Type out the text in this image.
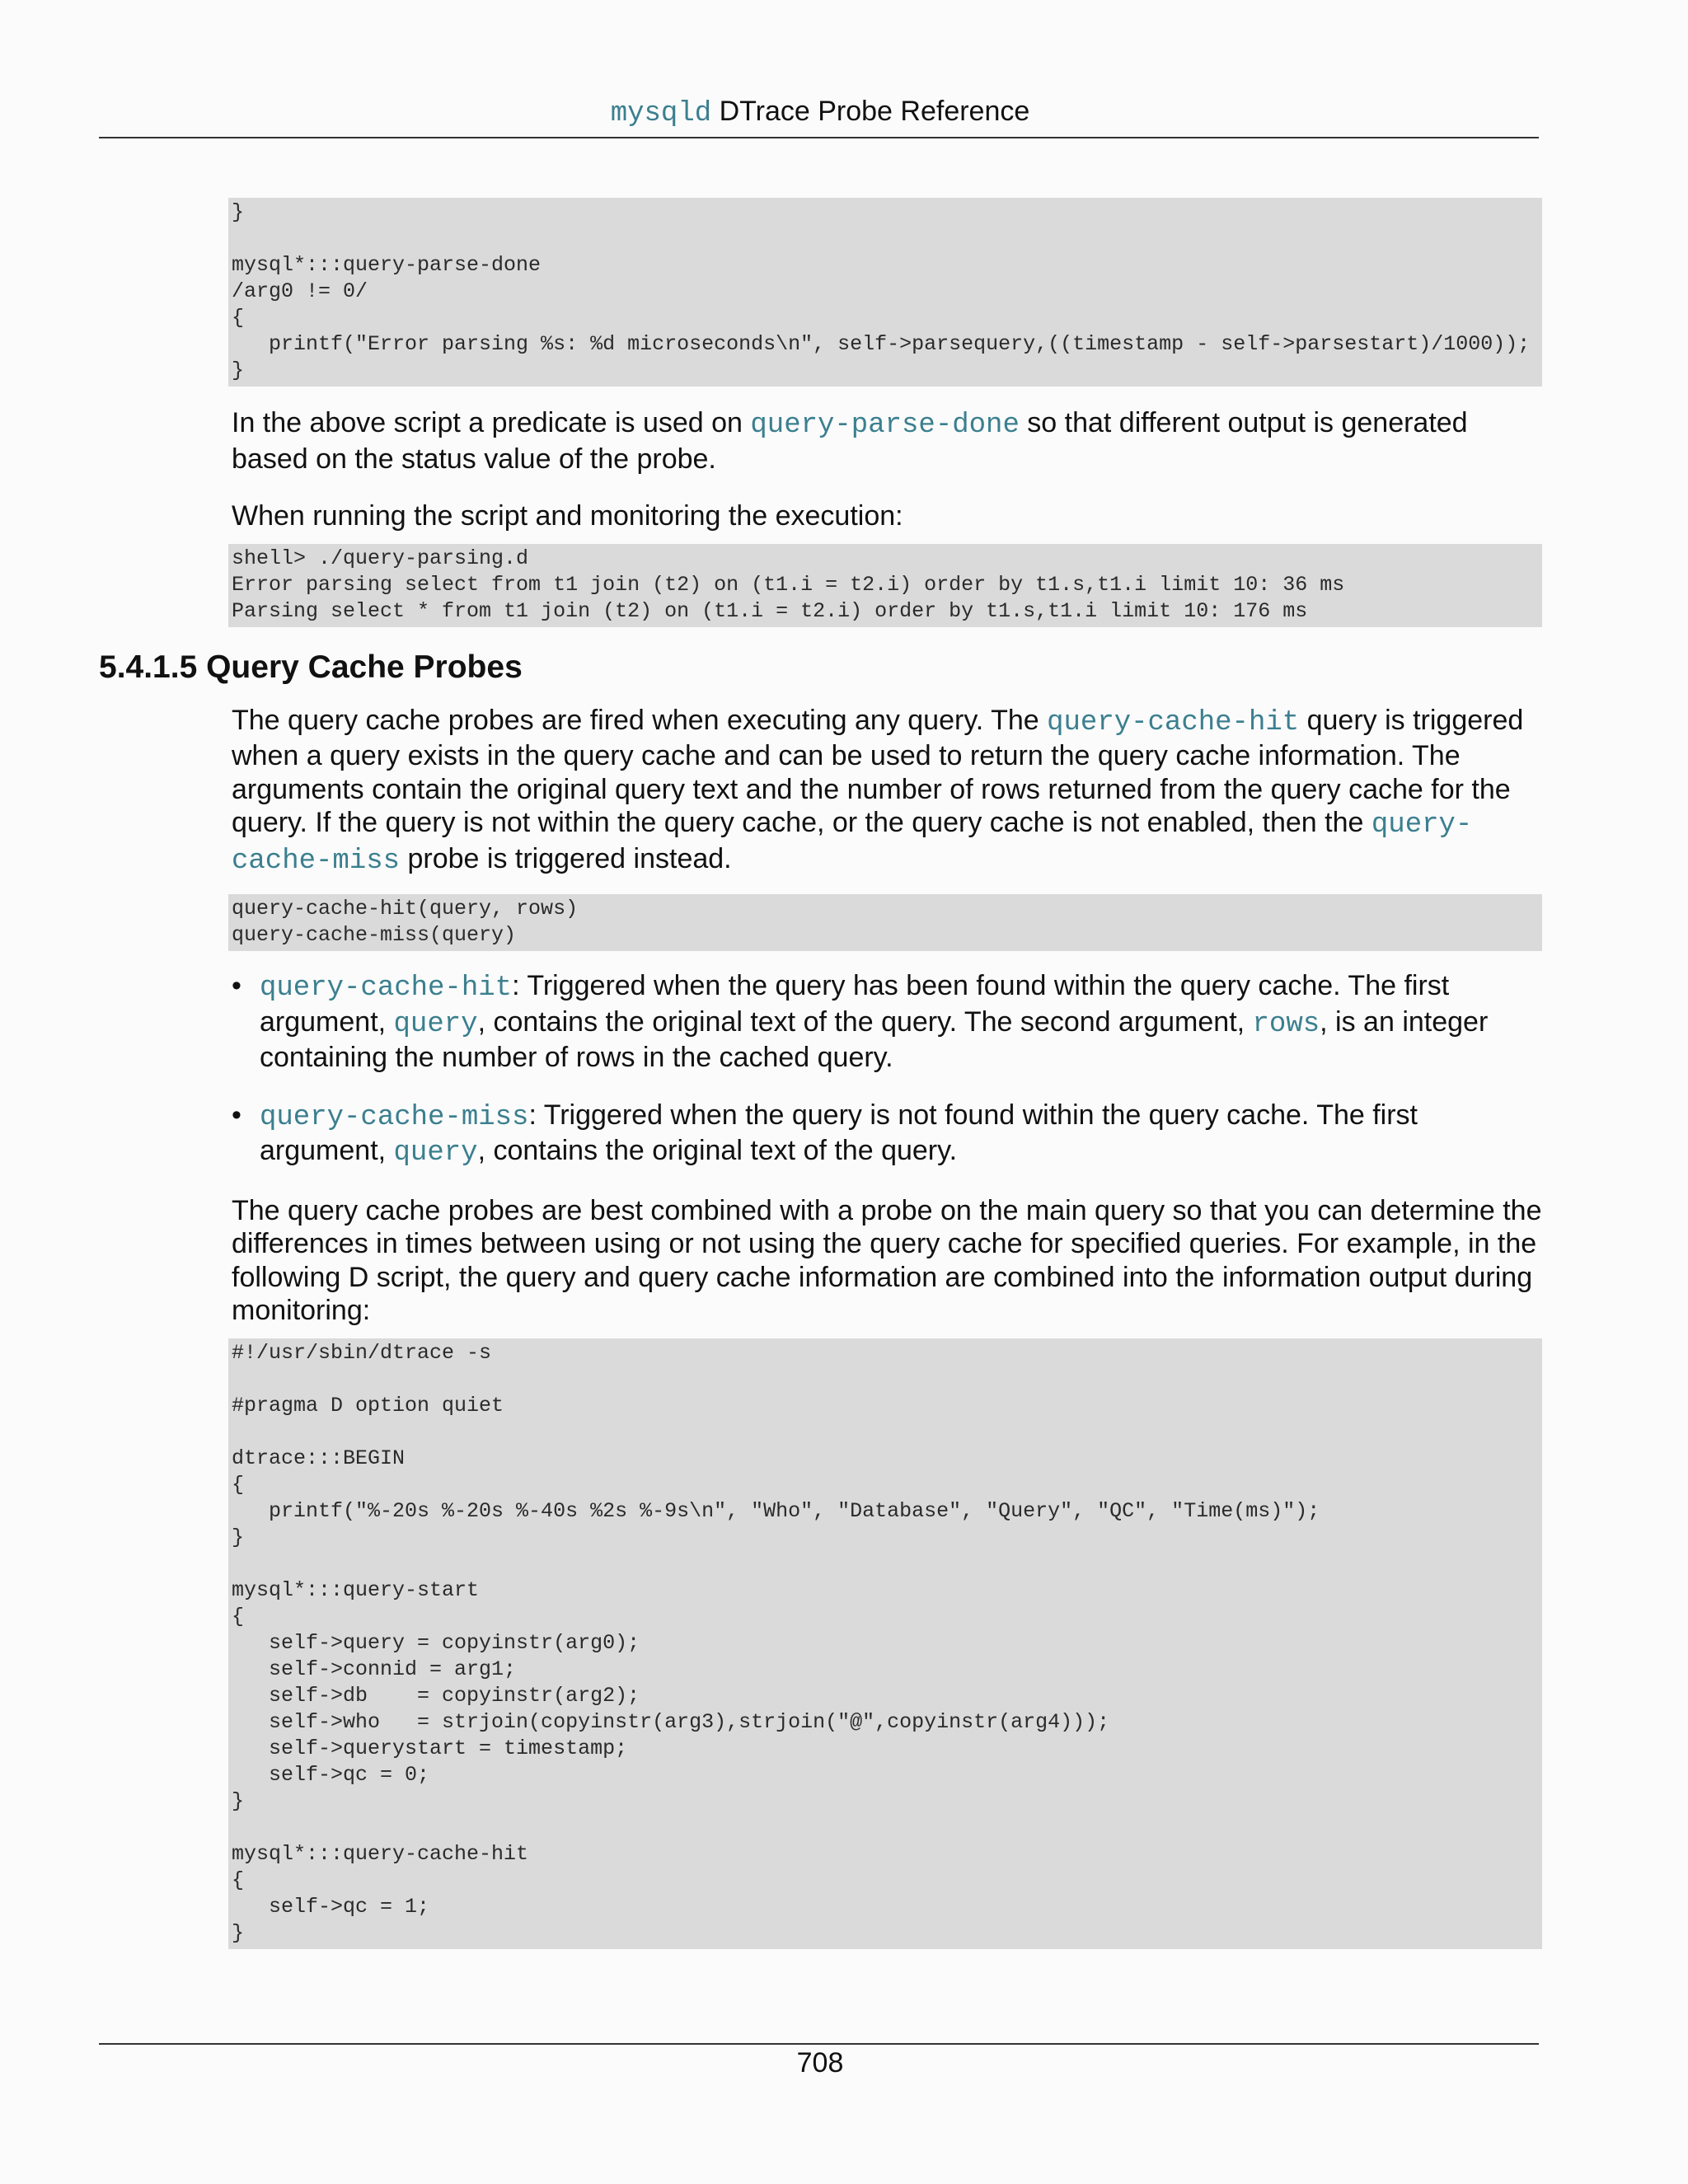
mysqld DTrace Probe Reference
}

mysql*:::query-parse-done
/arg0 != 0/
{
printf("Error parsing %s: %d microseconds\n", self->parsequery,((timestamp - self->parsestart)/1000));
}

In the above script a predicate is used on query-parse-done so that different output is generated based on the status value of the probe.

When running the script and monitoring the execution:

shell> ./query-parsing.d
Error parsing select from t1 join (t2) on (t1.i = t2.i) order by t1.s,t1.i limit 10: 36 ms
Parsing select * from t1 join (t2) on (t1.i = t2.i) order by t1.s,t1.i limit 10: 176 ms
5.4.1.5 Query Cache Probes

The query cache probes are fired when executing any query. The query-cache-hit query is triggered when a query exists in the query cache and can be used to return the query cache information. The arguments contain the original query text and the number of rows returned from the query cache for the query. If the query is not within the query cache, or the query cache is not enabled, then the query-cache-miss probe is triggered instead.

query-cache-hit(query, rows)
query-cache-miss(query)
• query-cache-hit: Triggered when the query has been found within the query cache. The first argument, query, contains the original text of the query. The second argument, rows, is an integer containing the number of rows in the cached query.
• query-cache-miss: Triggered when the query is not found within the query cache. The first argument, query, contains the original text of the query.

The query cache probes are best combined with a probe on the main query so that you can determine the differences in times between using or not using the query cache for specified queries. For example, in the following D script, the query and query cache information are combined into the information output during monitoring:

#!/usr/sbin/dtrace -s

#pragma D option quiet

dtrace:::BEGIN
{
printf("%-20s %-20s %-40s %2s %-9s\n", "Who", "Database", "Query", "QC", "Time(ms)");
}

mysql*:::query-start
{
self->query = copyinstr(arg0);
self->connid = arg1;
self->db    = copyinstr(arg2);
self->who   = strjoin(copyinstr(arg3),strjoin("@",copyinstr(arg4)));
self->querystart = timestamp;
self->qc = 0;
}

mysql*:::query-cache-hit
{
self->qc = 1;
}
708
